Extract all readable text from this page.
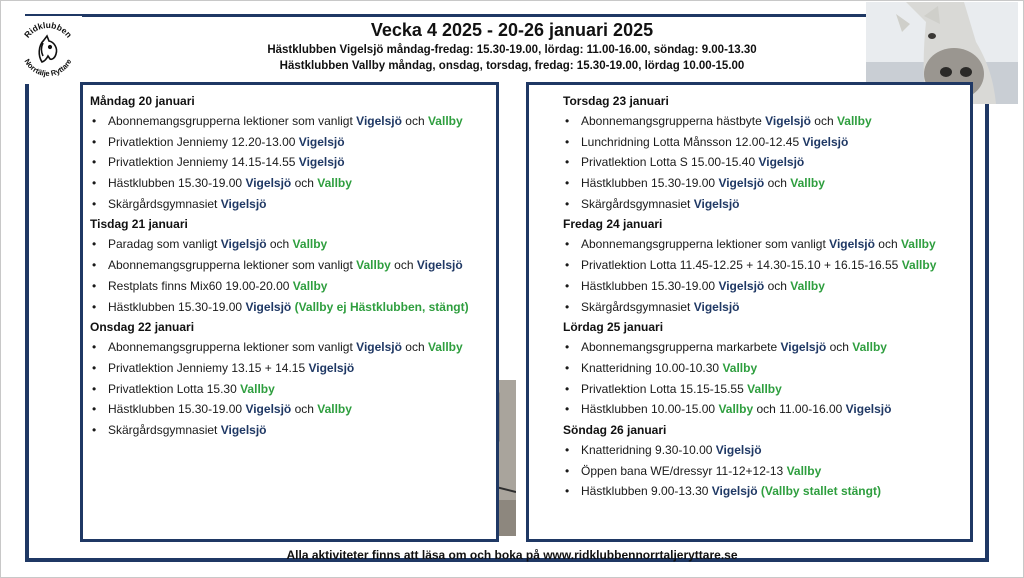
Ridklubben
Norrtälje Ryttare
Vecka 4 2025 - 20-26 januari 2025
Hästklubben Vigelsjö måndag-fredag: 15.30-19.00, lördag: 11.00-16.00, söndag: 9.00-13.30
Hästklubben Vallby måndag, onsdag, torsdag, fredag: 15.30-19.00, lördag 10.00-15.00
Måndag 20 januari
• Abonnemangsgrupperna lektioner som vanligt Vigelsjö och Vallby
• Privatlektion Jenniemy 12.20-13.00 Vigelsjö
• Privatlektion Jenniemy 14.15-14.55 Vigelsjö
• Hästklubben 15.30-19.00 Vigelsjö och Vallby
• Skärgårdsgymnasiet Vigelsjö
Tisdag 21 januari
• Paradag som vanligt Vigelsjö och Vallby
• Abonnemangsgrupperna lektioner som vanligt Vallby och Vigelsjö
• Restplats finns Mix60 19.00-20.00 Vallby
• Hästklubben 15.30-19.00 Vigelsjö (Vallby ej Hästklubben, stängt)
Onsdag 22 januari
• Abonnemangsgrupperna lektioner som vanligt Vigelsjö och Vallby
• Privatlektion Jenniemy 13.15 + 14.15 Vigelsjö
• Privatlektion Lotta 15.30 Vallby
• Hästklubben 15.30-19.00 Vigelsjö och Vallby
• Skärgårdsgymnasiet Vigelsjö
Torsdag 23 januari
• Abonnemangsgrupperna hästbyte Vigelsjö och Vallby
• Lunchridning Lotta Månsson 12.00-12.45 Vigelsjö
• Privatlektion Lotta S 15.00-15.40 Vigelsjö
• Hästklubben 15.30-19.00 Vigelsjö och Vallby
• Skärgårdsgymnasiet Vigelsjö
Fredag 24 januari
• Abonnemangsgrupperna lektioner som vanligt Vigelsjö och Vallby
• Privatlektion Lotta 11.45-12.25 + 14.30-15.10 + 16.15-16.55 Vallby
• Hästklubben 15.30-19.00 Vigelsjö och Vallby
• Skärgårdsgymnasiet Vigelsjö
Lördag 25 januari
• Abonnemangsgrupperna markarbete Vigelsjö och Vallby
• Knatteridning 10.00-10.30 Vallby
• Privatlektion Lotta 15.15-15.55 Vallby
• Hästklubben 10.00-15.00 Vallby och 11.00-16.00 Vigelsjö
Söndag 26 januari
• Knatteridning 9.30-10.00 Vigelsjö
• Öppen bana WE/dressyr 11-12+12-13 Vallby
• Hästklubben 9.00-13.30 Vigelsjö (Vallby stallet stängt)
Alla aktiviteter finns att läsa om och boka på www.ridklubbennorrtaljeryttare.se
